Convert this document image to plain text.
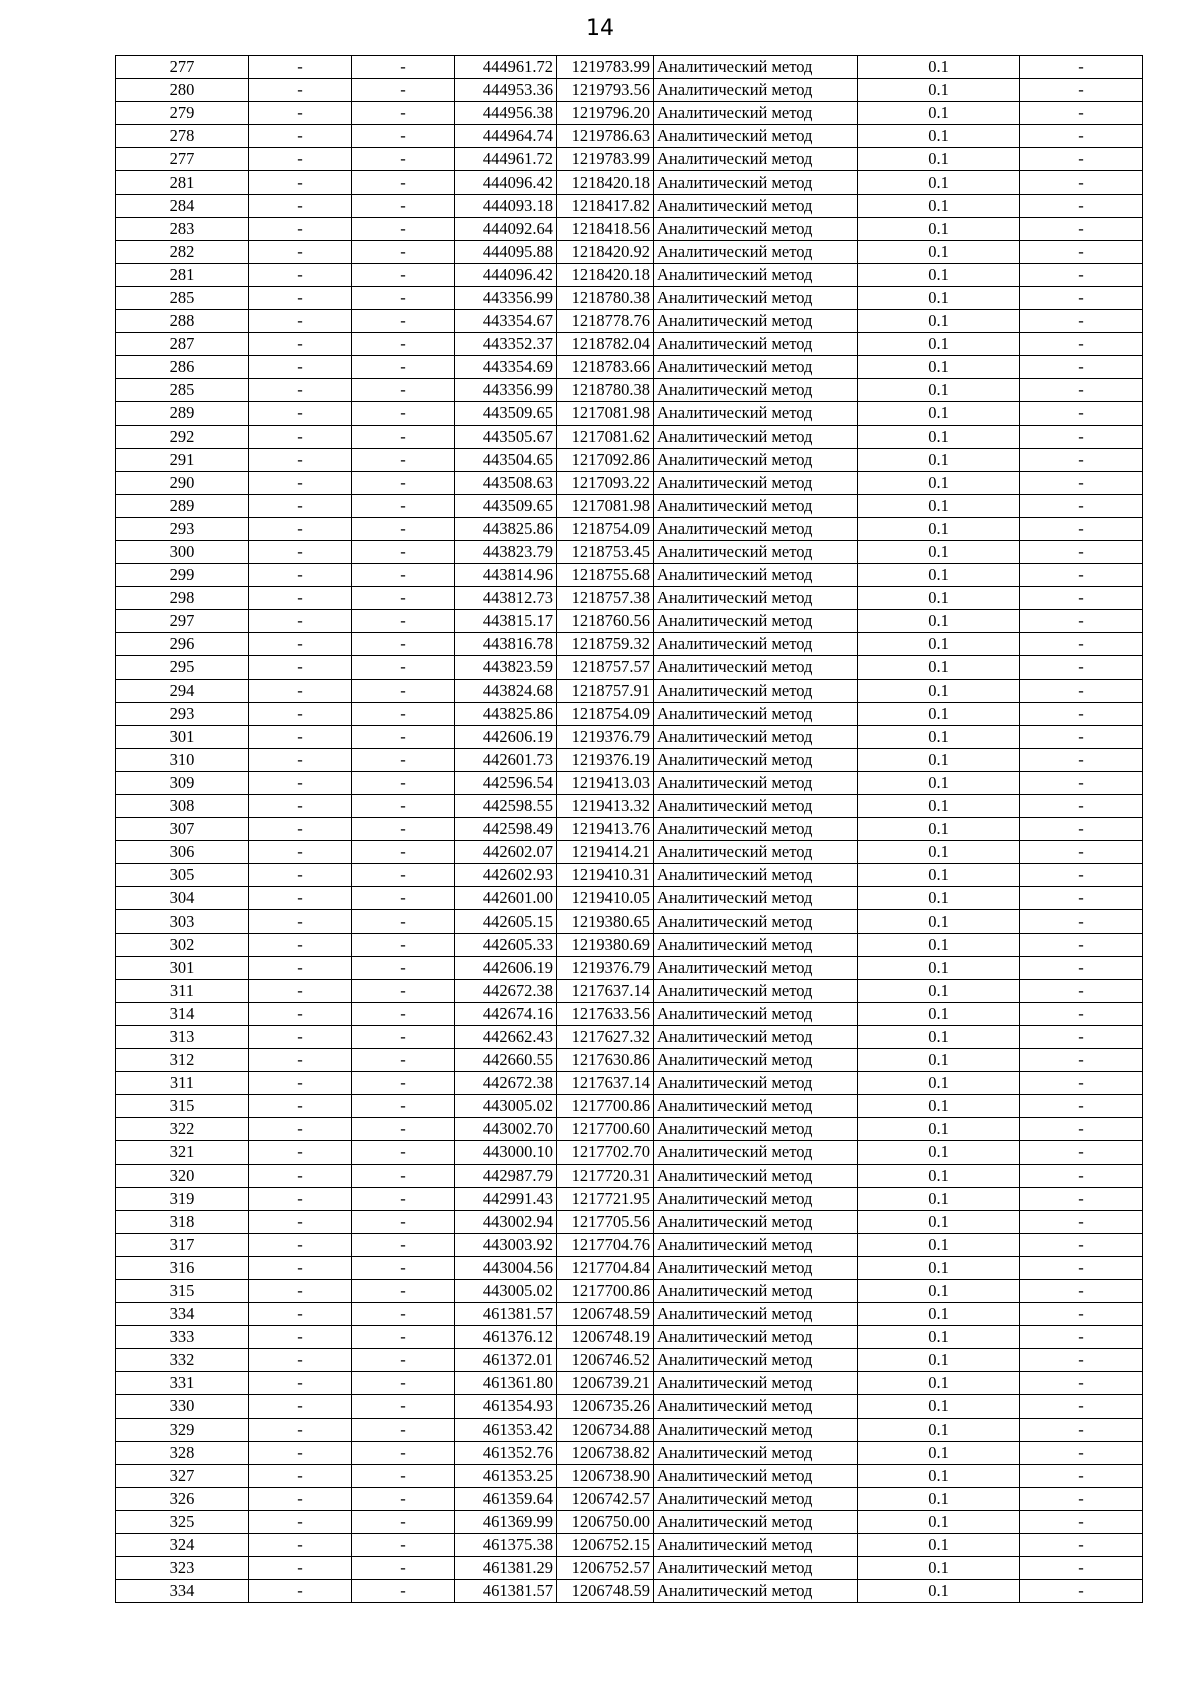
14
277	-	-	444961.72	1219783.99	Аналитический метод	0.1	-
280	-	-	444953.36	1219793.56	Аналитический метод	0.1	-
279	-	-	444956.38	1219796.20	Аналитический метод	0.1	-
278	-	-	444964.74	1219786.63	Аналитический метод	0.1	-
277	-	-	444961.72	1219783.99	Аналитический метод	0.1	-
281	-	-	444096.42	1218420.18	Аналитический метод	0.1	-
284	-	-	444093.18	1218417.82	Аналитический метод	0.1	-
283	-	-	444092.64	1218418.56	Аналитический метод	0.1	-
282	-	-	444095.88	1218420.92	Аналитический метод	0.1	-
281	-	-	444096.42	1218420.18	Аналитический метод	0.1	-
285	-	-	443356.99	1218780.38	Аналитический метод	0.1	-
288	-	-	443354.67	1218778.76	Аналитический метод	0.1	-
287	-	-	443352.37	1218782.04	Аналитический метод	0.1	-
286	-	-	443354.69	1218783.66	Аналитический метод	0.1	-
285	-	-	443356.99	1218780.38	Аналитический метод	0.1	-
289	-	-	443509.65	1217081.98	Аналитический метод	0.1	-
292	-	-	443505.67	1217081.62	Аналитический метод	0.1	-
291	-	-	443504.65	1217092.86	Аналитический метод	0.1	-
290	-	-	443508.63	1217093.22	Аналитический метод	0.1	-
289	-	-	443509.65	1217081.98	Аналитический метод	0.1	-
293	-	-	443825.86	1218754.09	Аналитический метод	0.1	-
300	-	-	443823.79	1218753.45	Аналитический метод	0.1	-
299	-	-	443814.96	1218755.68	Аналитический метод	0.1	-
298	-	-	443812.73	1218757.38	Аналитический метод	0.1	-
297	-	-	443815.17	1218760.56	Аналитический метод	0.1	-
296	-	-	443816.78	1218759.32	Аналитический метод	0.1	-
295	-	-	443823.59	1218757.57	Аналитический метод	0.1	-
294	-	-	443824.68	1218757.91	Аналитический метод	0.1	-
293	-	-	443825.86	1218754.09	Аналитический метод	0.1	-
301	-	-	442606.19	1219376.79	Аналитический метод	0.1	-
310	-	-	442601.73	1219376.19	Аналитический метод	0.1	-
309	-	-	442596.54	1219413.03	Аналитический метод	0.1	-
308	-	-	442598.55	1219413.32	Аналитический метод	0.1	-
307	-	-	442598.49	1219413.76	Аналитический метод	0.1	-
306	-	-	442602.07	1219414.21	Аналитический метод	0.1	-
305	-	-	442602.93	1219410.31	Аналитический метод	0.1	-
304	-	-	442601.00	1219410.05	Аналитический метод	0.1	-
303	-	-	442605.15	1219380.65	Аналитический метод	0.1	-
302	-	-	442605.33	1219380.69	Аналитический метод	0.1	-
301	-	-	442606.19	1219376.79	Аналитический метод	0.1	-
311	-	-	442672.38	1217637.14	Аналитический метод	0.1	-
314	-	-	442674.16	1217633.56	Аналитический метод	0.1	-
313	-	-	442662.43	1217627.32	Аналитический метод	0.1	-
312	-	-	442660.55	1217630.86	Аналитический метод	0.1	-
311	-	-	442672.38	1217637.14	Аналитический метод	0.1	-
315	-	-	443005.02	1217700.86	Аналитический метод	0.1	-
322	-	-	443002.70	1217700.60	Аналитический метод	0.1	-
321	-	-	443000.10	1217702.70	Аналитический метод	0.1	-
320	-	-	442987.79	1217720.31	Аналитический метод	0.1	-
319	-	-	442991.43	1217721.95	Аналитический метод	0.1	-
318	-	-	443002.94	1217705.56	Аналитический метод	0.1	-
317	-	-	443003.92	1217704.76	Аналитический метод	0.1	-
316	-	-	443004.56	1217704.84	Аналитический метод	0.1	-
315	-	-	443005.02	1217700.86	Аналитический метод	0.1	-
334	-	-	461381.57	1206748.59	Аналитический метод	0.1	-
333	-	-	461376.12	1206748.19	Аналитический метод	0.1	-
332	-	-	461372.01	1206746.52	Аналитический метод	0.1	-
331	-	-	461361.80	1206739.21	Аналитический метод	0.1	-
330	-	-	461354.93	1206735.26	Аналитический метод	0.1	-
329	-	-	461353.42	1206734.88	Аналитический метод	0.1	-
328	-	-	461352.76	1206738.82	Аналитический метод	0.1	-
327	-	-	461353.25	1206738.90	Аналитический метод	0.1	-
326	-	-	461359.64	1206742.57	Аналитический метод	0.1	-
325	-	-	461369.99	1206750.00	Аналитический метод	0.1	-
324	-	-	461375.38	1206752.15	Аналитический метод	0.1	-
323	-	-	461381.29	1206752.57	Аналитический метод	0.1	-
334	-	-	461381.57	1206748.59	Аналитический метод	0.1	-
